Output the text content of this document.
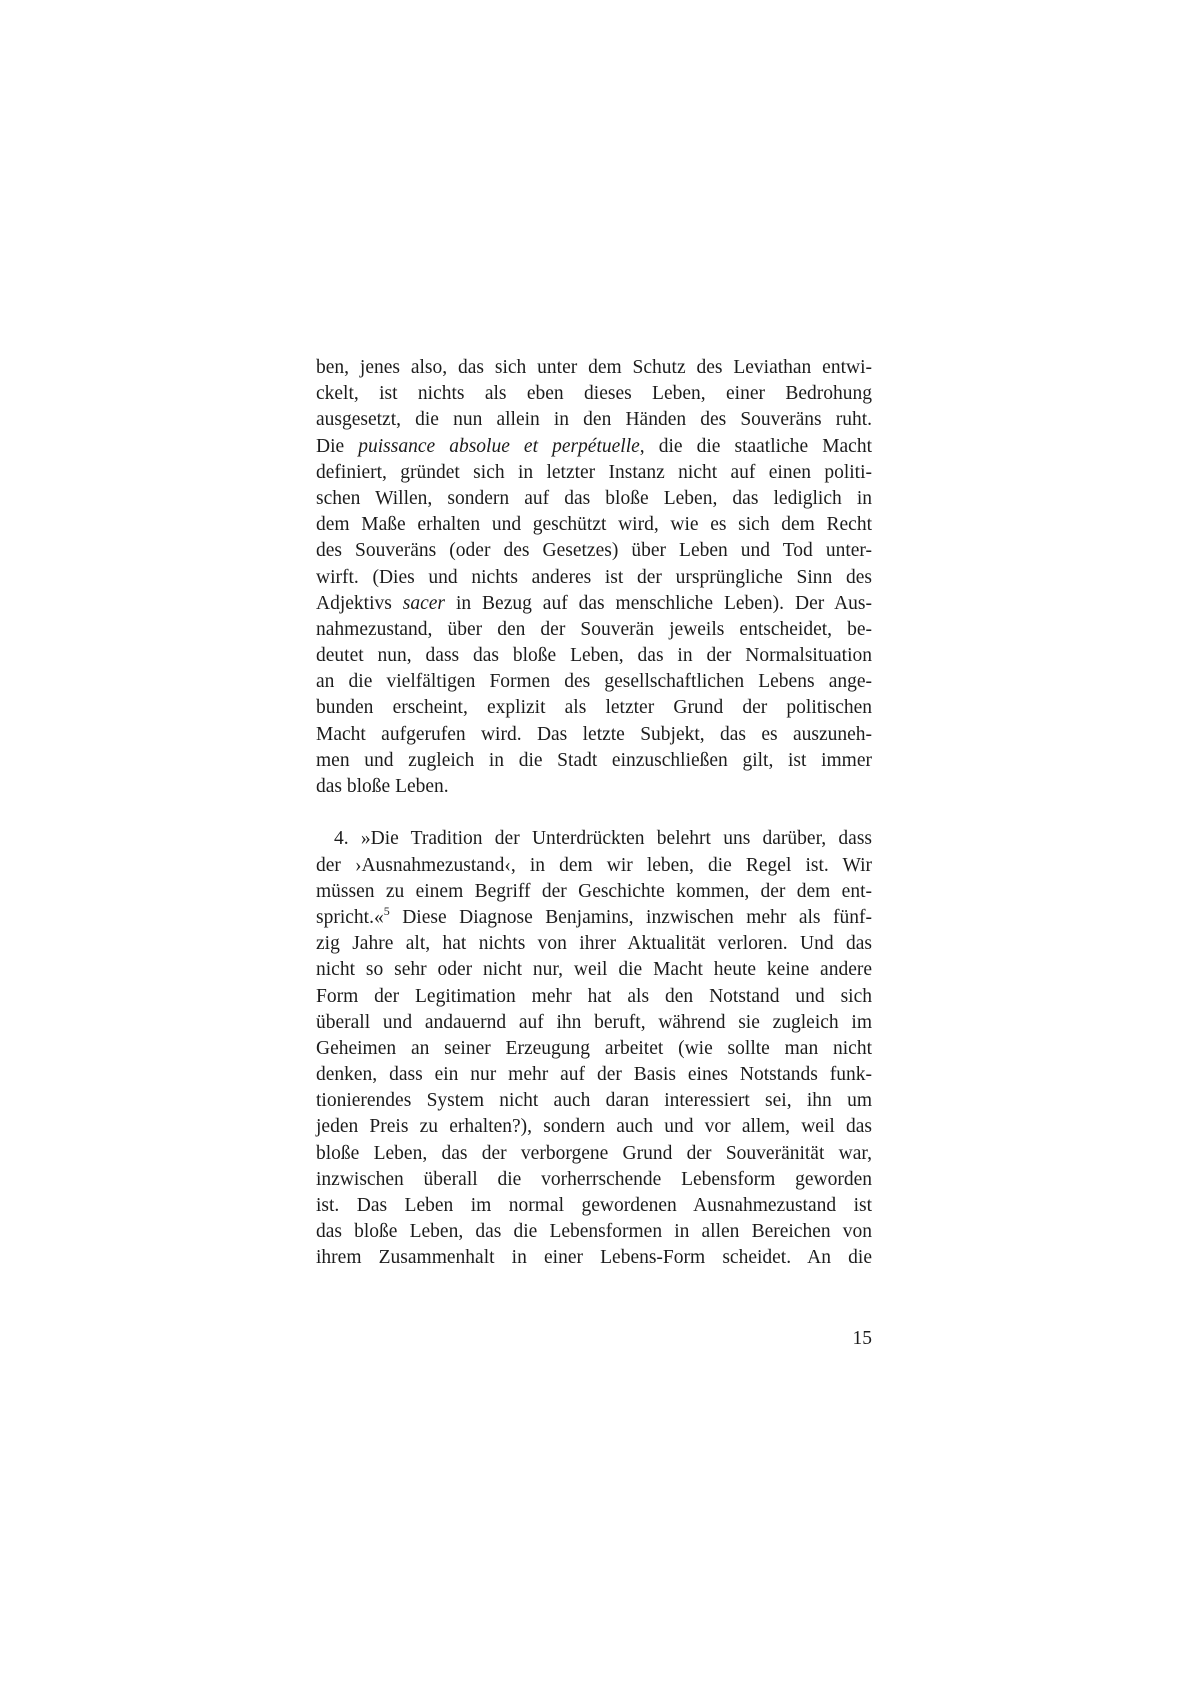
ben, jenes also, das sich unter dem Schutz des Leviathan entwi-
ckelt, ist nichts als eben dieses Leben, einer Bedrohung
ausgesetzt, die nun allein in den Händen des Souveräns ruht.
Die puissance absolue et perpétuelle, die die staatliche Macht
definiert, gründet sich in letzter Instanz nicht auf einen politi-
schen Willen, sondern auf das bloße Leben, das lediglich in
dem Maße erhalten und geschützt wird, wie es sich dem Recht
des Souveräns (oder des Gesetzes) über Leben und Tod unter-
wirft. (Dies und nichts anderes ist der ursprüngliche Sinn des
Adjektivs sacer in Bezug auf das menschliche Leben). Der Aus-
nahmezustand, über den der Souverän jeweils entscheidet, be-
deutet nun, dass das bloße Leben, das in der Normalsituation
an die vielfältigen Formen des gesellschaftlichen Lebens ange-
bunden erscheint, explizit als letzter Grund der politischen
Macht aufgerufen wird. Das letzte Subjekt, das es auszuneh-
men und zugleich in die Stadt einzuschließen gilt, ist immer
das bloße Leben.
4. »Die Tradition der Unterdrückten belehrt uns darüber, dass
der ›Ausnahmezustand‹, in dem wir leben, die Regel ist. Wir
müssen zu einem Begriff der Geschichte kommen, der dem ent-
spricht.«$^5$ Diese Diagnose Benjamins, inzwischen mehr als fünf-
zig Jahre alt, hat nichts von ihrer Aktualität verloren. Und das
nicht so sehr oder nicht nur, weil die Macht heute keine andere
Form der Legitimation mehr hat als den Notstand und sich
überall und andauernd auf ihn beruft, während sie zugleich im
Geheimen an seiner Erzeugung arbeitet (wie sollte man nicht
denken, dass ein nur mehr auf der Basis eines Notstands funk-
tionierendes System nicht auch daran interessiert sei, ihn um
jeden Preis zu erhalten?), sondern auch und vor allem, weil das
bloße Leben, das der verborgene Grund der Souveränität war,
inzwischen überall die vorherrschende Lebensform geworden
ist. Das Leben im normal gewordenen Ausnahmezustand ist
das bloße Leben, das die Lebensformen in allen Bereichen von
ihrem Zusammenhalt in einer Lebens-Form scheidet. An die
15
